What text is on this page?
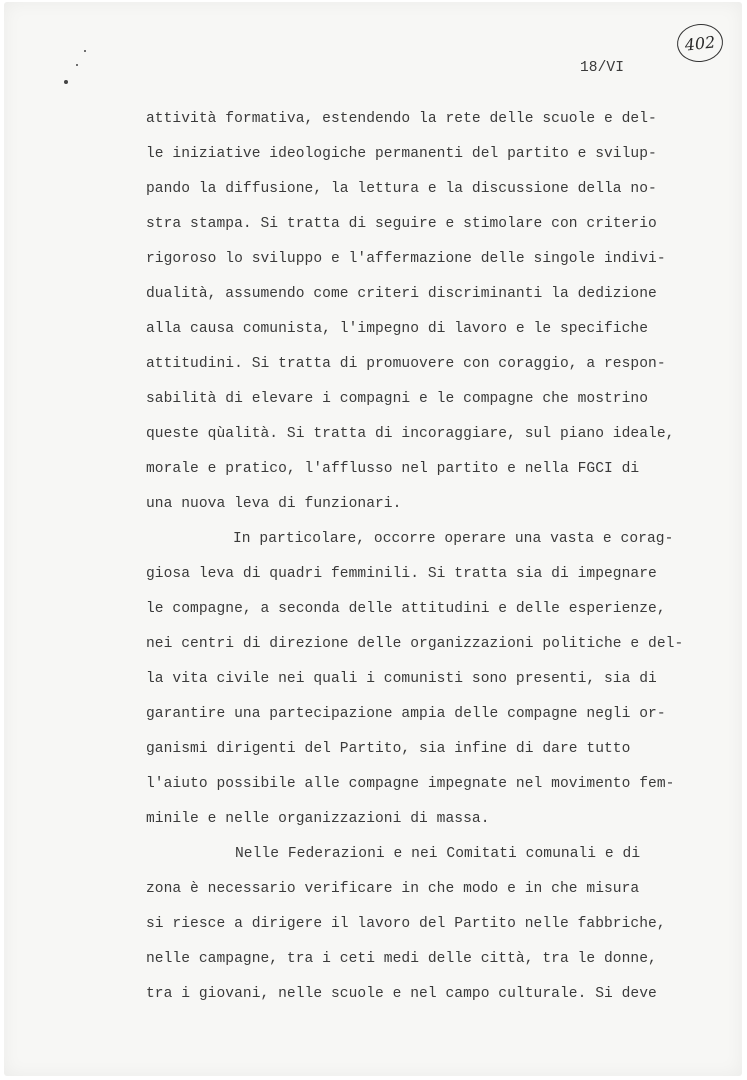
402
18/VI
attività formativa, estendendo la rete delle scuole e del-
le iniziative ideologiche permanenti del partito e svilup-
pando la diffusione, la lettura e la discussione della no-
stra stampa. Si tratta di seguire e stimolare con criterio
rigoroso lo sviluppo e l'affermazione delle singole indivi-
dualità, assumendo come criteri discriminanti la dedizione
alla causa comunista, l'impegno di lavoro e le specifiche
attitudini. Si tratta di promuovere con coraggio, a respon-
sabilità di elevare i compagni e le compagne che mostrino
queste qùalità. Si tratta di incoraggiare, sul piano ideale,
morale e pratico, l'afflusso nel partito e nella FGCI di
una nuova leva di funzionari.
In particolare, occorre operare una vasta e corag-
giosa leva di quadri femminili. Si tratta sia di impegnare
le compagne, a seconda delle attitudini e delle esperienze,
nei centri di direzione delle organizzazioni politiche e del-
la vita civile nei quali i comunisti sono presenti, sia di
garantire una partecipazione ampia delle compagne negli or-
ganismi dirigenti del Partito, sia infine di dare tutto
l'aiuto possibile alle compagne impegnate nel movimento fem-
minile e nelle organizzazioni di massa.
Nelle Federazioni e nei Comitati comunali e di
zona è necessario verificare in che modo e in che misura
si riesce a dirigere il lavoro del Partito nelle fabbriche,
nelle campagne, tra i ceti medi delle città, tra le donne,
tra i giovani, nelle scuole e nel campo culturale. Si deve
